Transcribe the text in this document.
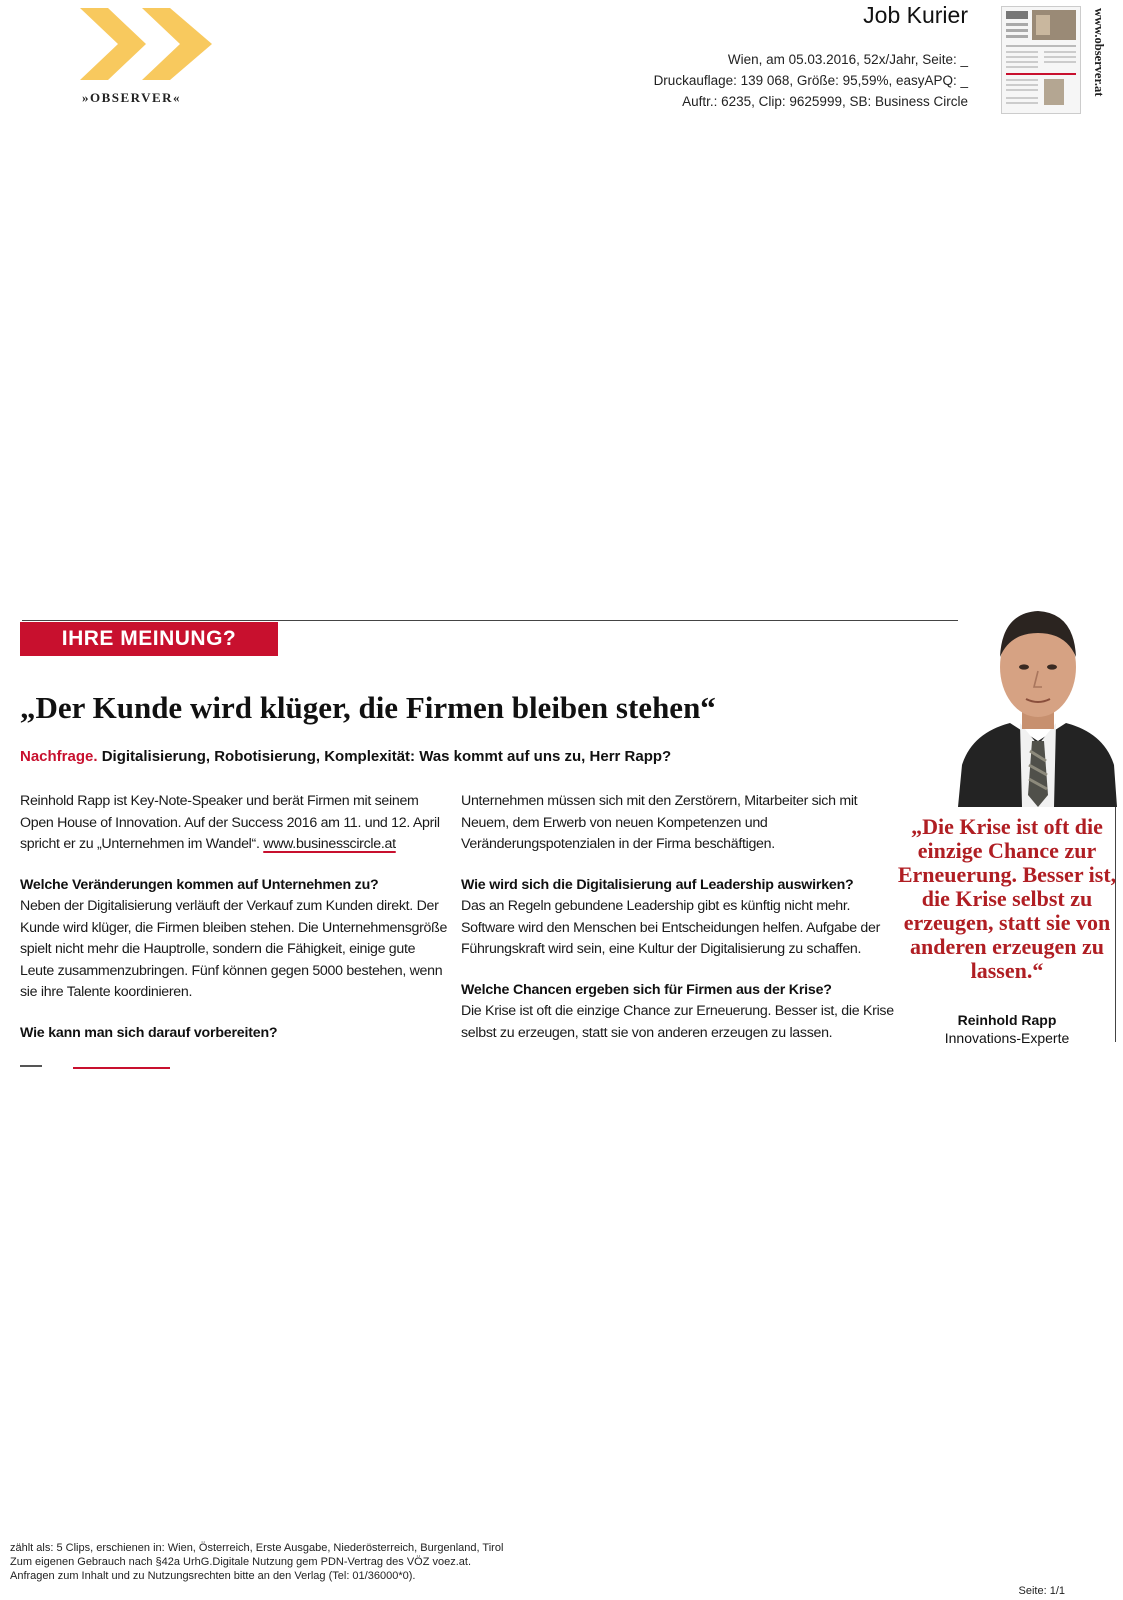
»OBSERVER«
Job Kurier
Wien, am 05.03.2016, 52x/Jahr, Seite: _
Druckauflage: 139 068, Größe: 95,59%, easyAPQ: _
Auftr.: 6235, Clip: 9625999, SB: Business Circle
www.observer.at
IHRE MEINUNG?
„Der Kunde wird klüger, die Firmen bleiben stehen“
Nachfrage. Digitalisierung, Robotisierung, Komplexität: Was kommt auf uns zu, Herr Rapp?

Reinhold Rapp ist Key-Note-Speaker und berät Firmen mit seinem Open House of Innovation. Auf der Success 2016 am 11. und 12. April spricht er zu „Unternehmen im Wandel“. www.businesscircle.at

Welche Veränderungen kommen auf Unternehmen zu?

Neben der Digitalisierung verläuft der Verkauf zum Kunden direkt. Der Kunde wird klüger, die Firmen bleiben stehen. Die Unternehmensgröße spielt nicht mehr die Hauptrolle, sondern die Fähigkeit, einige gute Leute zusammenzubringen. Fünf können gegen 5000 bestehen, wenn sie ihre Talente koordinieren.

Wie kann man sich darauf vorbereiten?

Unternehmen müssen sich mit den Zerstörern, Mitarbeiter sich mit Neuem, dem Erwerb von neuen Kompetenzen und Veränderungspotenzialen in der Firma beschäftigen.

Wie wird sich die Digitalisierung auf Leadership auswirken?

Das an Regeln gebundene Leadership gibt es künftig nicht mehr. Software wird den Menschen bei Entscheidungen helfen. Aufgabe der Führungskraft wird sein, eine Kultur der Digitalisierung zu schaffen.

Welche Chancen ergeben sich für Firmen aus der Krise?

Die Krise ist oft die einzige Chance zur Erneuerung. Besser ist, die Krise selbst zu erzeugen, statt sie von anderen erzeugen zu lassen.

„Die Krise ist oft die einzige Chance zur Erneuerung. Besser ist, die Krise selbst zu erzeugen, statt sie von anderen erzeugen zu lassen.“
Reinhold Rapp
Innovations-Experte
zählt als: 5 Clips, erschienen in: Wien, Österreich, Erste Ausgabe, Niederösterreich, Burgenland, Tirol
Zum eigenen Gebrauch nach §42a UrhG.Digitale Nutzung gem PDN-Vertrag des VÖZ voez.at.
Anfragen zum Inhalt und zu Nutzungsrechten bitte an den Verlag (Tel: 01/36000*0).
Seite: 1/1
